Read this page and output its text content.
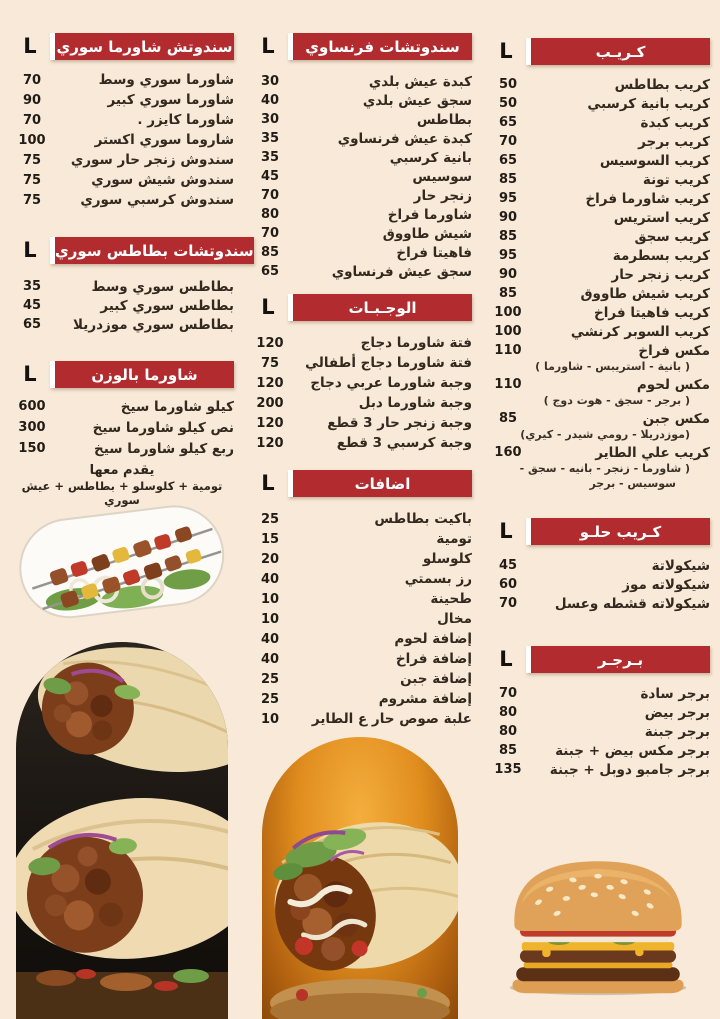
L	سندوتش شاورما سوري
70	شاورما سوري وسط
90	شاورما سوري كبير
70	شاورما كايزر .
100	شاروما سوري اكستر
75	سندوش زنجر حار سوري
75	سندوش شيش سوري
75	سندوش كرسبي سوري
L	سندوتشات بطاطس سوري
35	بطاطس سوري وسط
45	بطاطس سوري كبير
65	بطاطس سوري موزدريلا
L	شاورما بالوزن
600	كيلو شاورما سيخ
300	نص كيلو شاورما سيخ
150	ربع كيلو شاورما سيخ
يقدم معها
تومية + كلوسلو + بطاطس + عيش سوري
L	سندوتشات فرنساوي
30	كبدة عيش بلدي
40	سجق عيش بلدي
30	بطاطس
35	كبدة عيش فرنساوي
35	بانية كرسبي
45	سوسيس
70	زنجر حار
80	شاورما فراخ
70	شيش طاووق
85	فاهيتا فراخ
65	سجق عيش فرنساوي
L	الوجـبـات
120	فتة شاورما دجاج
75	فتة شاورما دجاج أطفالي
120	وجبة شاورما عربي دجاج
200	وجبة شاورما دبل
120	وجبة زنجر حار 3 قطع
120	وجبة كرسبي 3 قطع
L	اضافات
25	باكيت بطاطس
15	تومية
20	كلوسلو
40	رز بسمتي
10	طحينة
10	مخال
40	إضافة لحوم
40	إضافة فراخ
25	إضافة جبن
25	إضافة مشروم
10	علبة صوص حار ع الطاير
L	كـريـب
50	كريب بطاطس
50	كريب بانية كرسبي
65	كريب كبدة
70	كريب برجر
65	كريب السوسيس
85	كريب تونة
95	كريب شاورما فراخ
90	كريب استريس
85	كريب سجق
95	كريب بسطرمة
90	كريب زنجر حار
85	كريب شيش طاووق
100	كريب فاهيتا فراخ
100	كريب السوبر كرنشي
110	مكس فراخ
( بانية - استريبس - شاورما )
110	مكس لحوم
( برجر - سجق - هوت دوج )
85	مكس جبن
(موزدريلا - رومي شيدر - كيري)
160	كريب علي الطاير
( شاورما - زنجر - بانيه - سجق -
سوسيس - برجر
L	كـريب حلـو
45	شيكولاتة
60	شيكولاته موز
70	شيكولاته قشطه وعسل
L	بـرجـر
70	برجر سادة
80	برجر بيض
80	برجر جبنة
85	برجر مكس بيض + جبنة
135	برجر جامبو دوبل + جبنة
